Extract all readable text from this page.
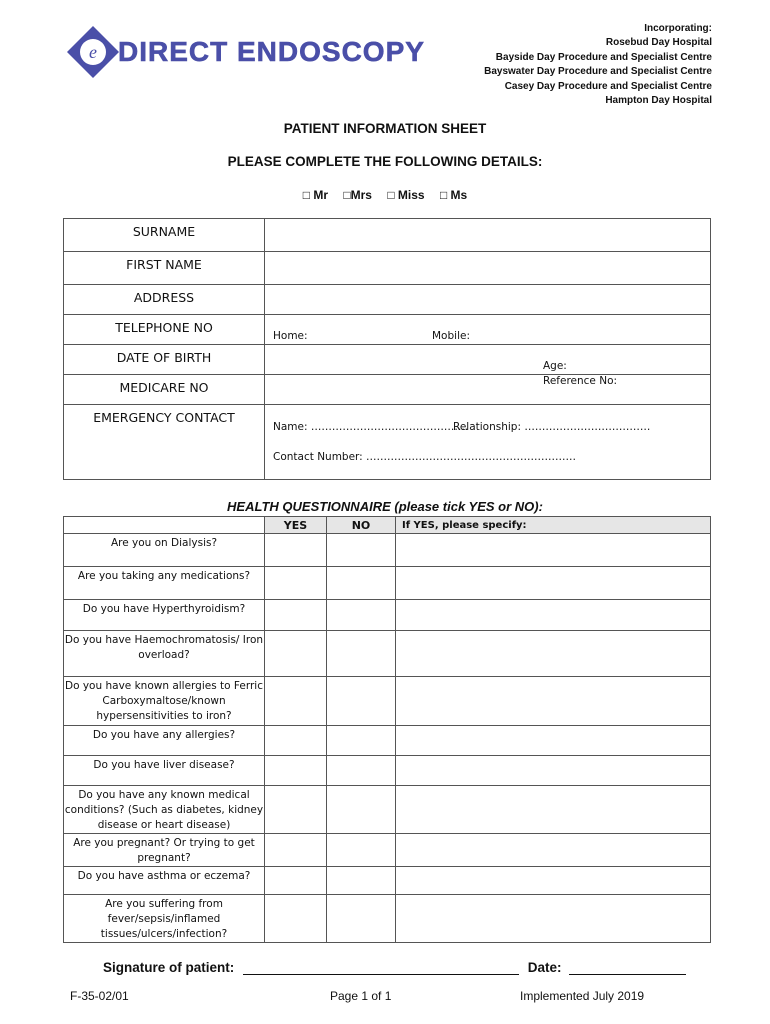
e DIRECT ENDOSCOPY
Incorporating:
Rosebud Day Hospital
Bayside Day Procedure and Specialist Centre
Bayswater Day Procedure and Specialist Centre
Casey Day Procedure and Specialist Centre
Hampton Day Hospital
PATIENT INFORMATION SHEET
PLEASE COMPLETE THE FOLLOWING DETAILS:
□ Mr □Mrs □ Miss □ Ms
SURNAME	
FIRST NAME	
ADDRESS	
TELEPHONE NO	Home: Mobile:

DATE OF BIRTH	Age:

MEDICARE NO	Reference No:

EMERGENCY CONTACT	Name: ………………………………………
Relationship: ………………………………
Contact Number: ……………………………………………………
HEALTH QUESTIONNAIRE (please tick YES or NO):
	YES	NO	If YES, please specify:
Are you on Dialysis?			
Are you taking any medications?			
Do you have Hyperthyroidism?			
Do you have Haemochromatosis/ Iron overload?			
Do you have known allergies to Ferric Carboxymaltose/known hypersensitivities to iron?			
Do you have any allergies?			
Do you have liver disease?			
Do you have any known medical conditions? (Such as diabetes, kidney disease or heart disease)			
Are you pregnant? Or trying to get pregnant?			
Do you have asthma or eczema?			
Are you suffering from fever/sepsis/inflamed tissues/ulcers/infection?			
Signature of patient:	Date:
F-35-02/01	Page 1 of 1	Implemented July 2019
